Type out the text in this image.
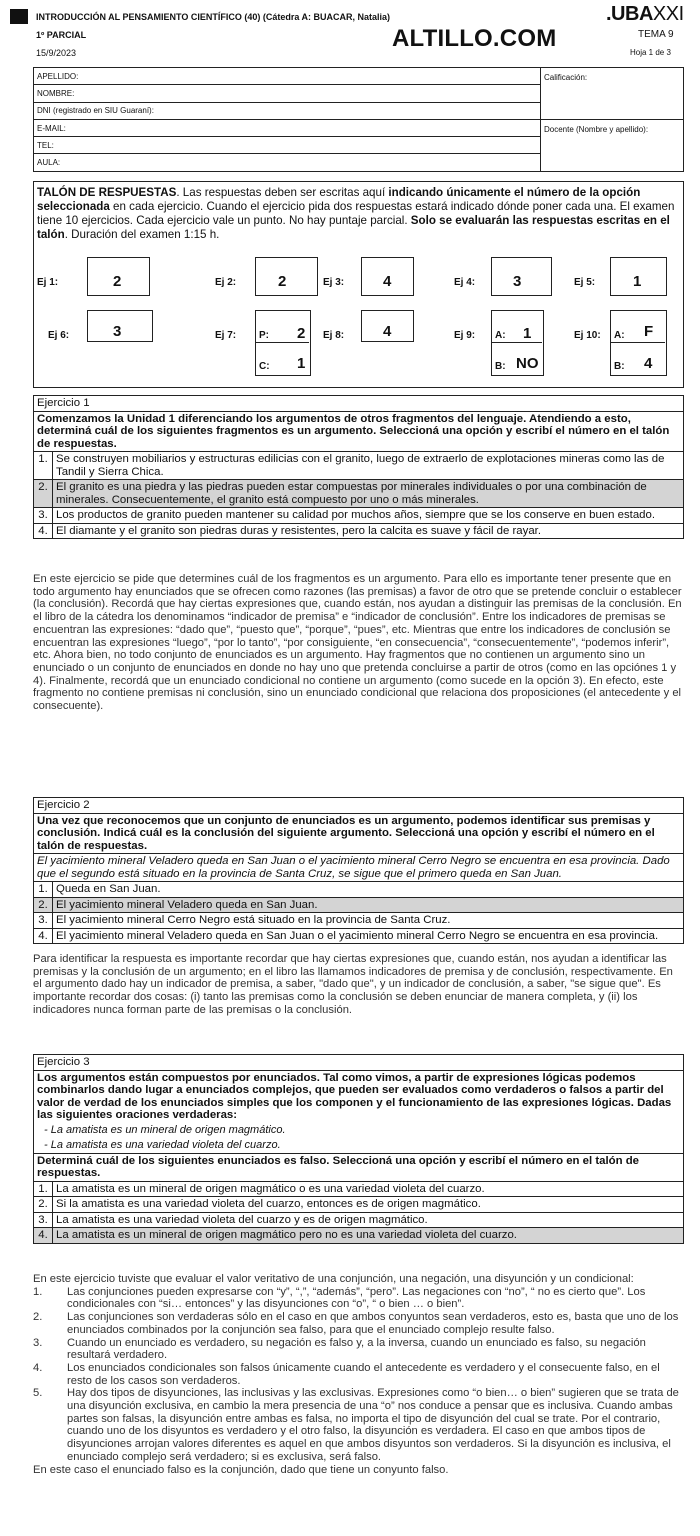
INTRODUCCIÓN AL PENSAMIENTO CIENTÍFICO (40) (Cátedra A: BUACAR, Natalia)
1º PARCIAL
15/9/2023
ALTILLO.COM
.UBAXXI
TEMA 9
Hoja 1 de 3
APELLIDO:	Calificación:
NOMBRE:	
DNI (registrado en SIU Guaraní):	
E-MAIL:	Docente (Nombre y apellido):
TEL:	
AULA:	
TALÓN DE RESPUESTAS. Las respuestas deben ser escritas aquí indicando únicamente el número de la opción seleccionada en cada ejercicio. Cuando el ejercicio pida dos respuestas estará indicado dónde poner cada una. El examen tiene 10 ejercicios. Cada ejercicio vale un punto. No hay puntaje parcial. Solo se evaluarán las respuestas escritas en el talón. Duración del examen 1:15 h.
Ej 1:	2	Ej 2:	2	Ej 3:	4	Ej 4:	3	Ej 5:	1
Ej 6:	3	Ej 7: P: 2
C: 1
Ej 8:	4	Ej 9: A: 1
B: NO
Ej 10: A: F
B: 4
Ejercicio 1
Comenzamos la Unidad 1 diferenciando los argumentos de otros fragmentos del lenguaje. Atendiendo a esto, determiná cuál de los siguientes fragmentos es un argumento. Seleccioná una opción y escribí el número en el talón de respuestas.
1. Se construyen mobiliarios y estructuras edilicias con el granito, luego de extraerlo de explotaciones mineras como las de Tandil y Sierra Chica.
2. El granito es una piedra y las piedras pueden estar compuestas por minerales individuales o por una combinación de minerales. Consecuentemente, el granito está compuesto por uno o más minerales.
3. Los productos de granito pueden mantener su calidad por muchos años, siempre que se los conserve en buen estado.
4. El diamante y el granito son piedras duras y resistentes, pero la calcita es suave y fácil de rayar.
En este ejercicio se pide que determines cuál de los fragmentos es un argumento. Para ello es importante tener presente que en todo argumento hay enunciados que se ofrecen como razones (las premisas) a favor de otro que se pretende concluir o establecer (la conclusión). Recordá que hay ciertas expresiones que, cuando están, nos ayudan a distinguir las premisas de la conclusión. En el libro de la cátedra los denominamos “indicador de premisa” e “indicador de conclusión”. Entre los indicadores de premisas se encuentran las expresiones: “dado que”, “puesto que”, “porque”, “pues”, etc. Mientras que entre los indicadores de conclusión se encuentran las expresiones “luego”, “por lo tanto”, “por consiguiente, “en consecuencia”, “consecuentemente”, “podemos inferir”, etc. Ahora bien, no todo conjunto de enunciados es un argumento. Hay fragmentos que no contienen un argumento sino un enunciado o un conjunto de enunciados en donde no hay uno que pretenda concluirse a partir de otros (como en las opciónes 1 y 4). Finalmente, recordá que un enunciado condicional no contiene un argumento (como sucede en la opción 3). En efecto, este fragmento no contiene premisas ni conclusión, sino un enunciado condicional que relaciona dos proposiciones (el antecedente y el consecuente).
Ejercicio 2
Una vez que reconocemos que un conjunto de enunciados es un argumento, podemos identificar sus premisas y conclusión. Indicá cuál es la conclusión del siguiente argumento. Seleccioná una opción y escribí el número en el talón de respuestas.
El yacimiento mineral Veladero queda en San Juan o el yacimiento mineral Cerro Negro se encuentra en esa provincia. Dado que el segundo está situado en la provincia de Santa Cruz, se sigue que el primero queda en San Juan.
1. Queda en San Juan.
2. El yacimiento mineral Veladero queda en San Juan.
3. El yacimiento mineral Cerro Negro está situado en la provincia de Santa Cruz.
4. El yacimiento mineral Veladero queda en San Juan o el yacimiento mineral Cerro Negro se encuentra en esa provincia.
Para identificar la respuesta es importante recordar que hay ciertas expresiones que, cuando están, nos ayudan a identificar las premisas y la conclusión de un argumento; en el libro las llamamos indicadores de premisa y de conclusión, respectivamente. En el argumento dado hay un indicador de premisa, a saber, "dado que", y un indicador de conclusión, a saber, "se sigue que". Es importante recordar dos cosas: (i) tanto las premisas como la conclusión se deben enunciar de manera completa, y (ii) los indicadores nunca forman parte de las premisas o la conclusión.
Ejercicio 3
Los argumentos están compuestos por enunciados. Tal como vimos, a partir de expresiones lógicas podemos combinarlos dando lugar a enunciados complejos, que pueden ser evaluados como verdaderos o falsos a partir del valor de verdad de los enunciados simples que los componen y el funcionamiento de las expresiones lógicas. Dadas las siguientes oraciones verdaderas:
- La amatista es un mineral de origen magmático.
- La amatista es una variedad violeta del cuarzo.
Determiná cuál de los siguientes enunciados es falso. Seleccioná una opción y escribí el número en el talón de respuestas.
1. La amatista es un mineral de origen magmático o es una variedad violeta del cuarzo.
2. Si la amatista es una variedad violeta del cuarzo, entonces es de origen magmático.
3. La amatista es una variedad violeta del cuarzo y es de origen magmático.
4. La amatista es un mineral de origen magmático pero no es una variedad violeta del cuarzo.

En este ejercicio tuviste que evaluar el valor veritativo de una conjunción, una negación, una disyunción y un condicional:

1.	Las conjunciones pueden expresarse con “y”, “,”, “además”, “pero”. Las negaciones con “no”, “ no es cierto que”. Los condicionales con “si… entonces” y las disyunciones con “o”, “ o bien … o bien”.
2.	Las conjunciones son verdaderas sólo en el caso en que ambos conyuntos sean verdaderos, esto es, basta que uno de los enunciados combinados por la conjunción sea falso, para que el enunciado complejo resulte falso.
3.	Cuando un enunciado es verdadero, su negación es falso y, a la inversa, cuando un enunciado es falso, su negación resultará verdadero.
4.	Los enunciados condicionales son falsos únicamente cuando el antecedente es verdadero y el consecuente falso, en el resto de los casos son verdaderos.
5.	Hay dos tipos de disyunciones, las inclusivas y las exclusivas. Expresiones como “o bien… o bien” sugieren que se trata de una disyunción exclusiva, en cambio la mera presencia de una “o” nos conduce a pensar que es inclusiva. Cuando ambas partes son falsas, la disyunción entre ambas es falsa, no importa el tipo de disyunción del cual se trate. Por el contrario, cuando uno de los disyuntos es verdadero y el otro falso, la disyunción es verdadera. El caso en que ambos tipos de disyunciones arrojan valores diferentes es aquel en que ambos disyuntos son verdaderos. Si la disyunción es inclusiva, el enunciado complejo será verdadero; si es exclusiva, será falso.

En este caso el enunciado falso es la conjunción, dado que tiene un conyunto falso.
